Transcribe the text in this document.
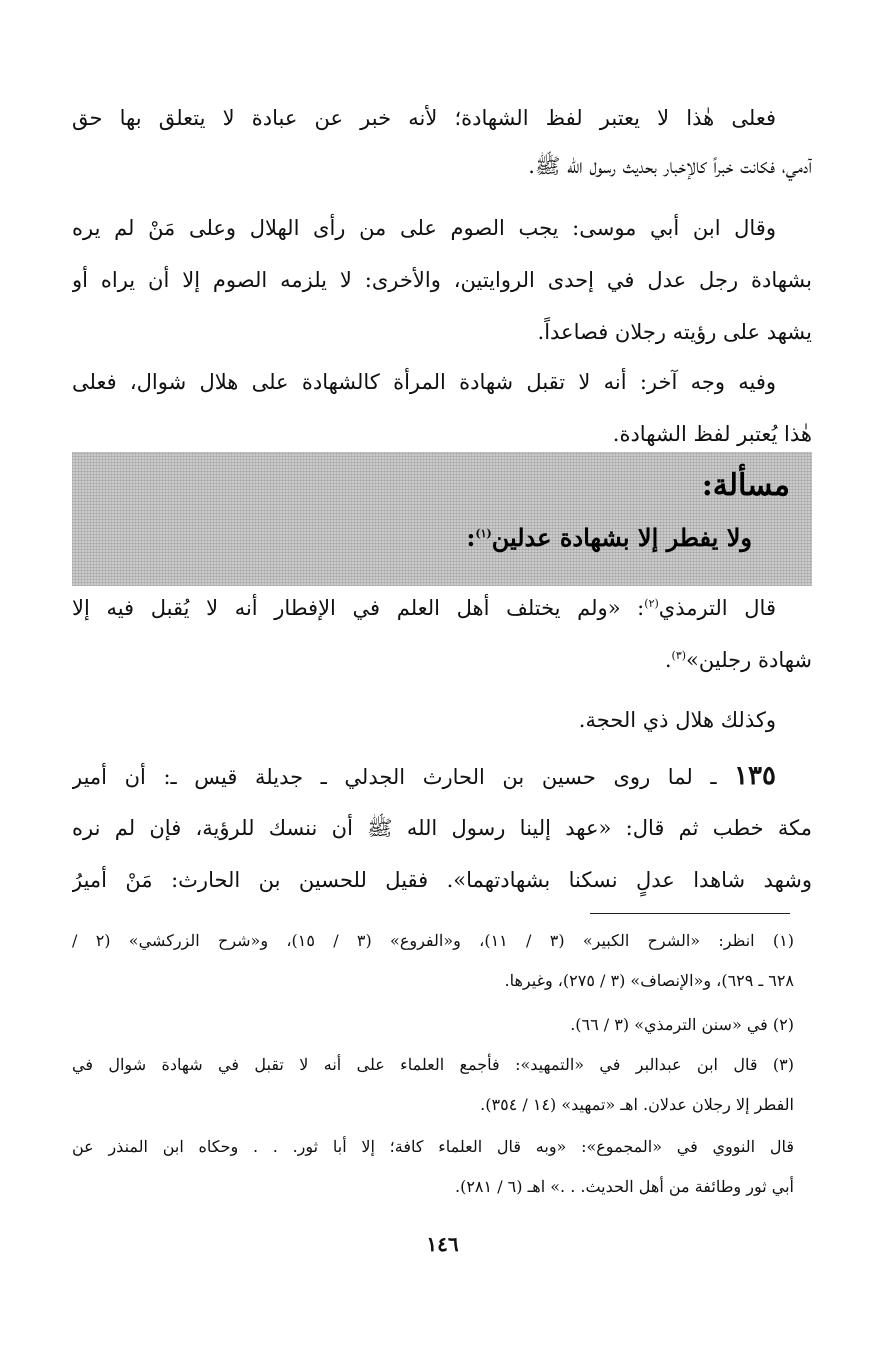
فعلى هٰذا لا يعتبر لفظ الشهادة؛ لأنه خبر عن عبادة لا يتعلق بها حق
آدمي، فكانت خبراً كالإخبار بحديث رسول الله ﷺ.
وقال ابن أبي موسى: يجب الصوم على من رأى الهلال وعلى مَنْ لم يره
بشهادة رجل عدل في إحدى الروايتين، والأخرى: لا يلزمه الصوم إلا أن يراه أو
يشهد على رؤيته رجلان فصاعداً.
وفيه وجه آخر: أنه لا تقبل شهادة المرأة كالشهادة على هلال شوال، فعلى
هٰذا يُعتبر لفظ الشهادة.
مسألة:
ولا يفطر إلا بشهادة عدلين$^{(١)}$:
قال الترمذي$^{(٢)}$: «ولم يختلف أهل العلم في الإفطار أنه لا يُقبل فيه إلا
شهادة رجلين»$^{(٣)}$.
وكذلك هلال ذي الحجة.
١٣٥ ـ لما روى حسين بن الحارث الجدلي ـ جديلة قيس ـ: أن أمير
مكة خطب ثم قال: «عهد إلينا رسول الله ﷺ أن ننسك للرؤية، فإن لم نره
وشهد شاهدا عدلٍ نسكنا بشهادتهما». فقيل للحسين بن الحارث: مَنْ أميرُ
(١) انظر: «الشرح الكبير» (٣ / ١١)، و«الفروع» (٣ / ١٥)، و«شرح الزركشي» (٢ /
٦٢٨ ـ ٦٢٩)، و«الإنصاف» (٣ / ٢٧٥)، وغيرها.
(٢) في «سنن الترمذي» (٣ / ٦٦).
(٣) قال ابن عبدالبر في «التمهيد»: فأجمع العلماء على أنه لا تقبل في شهادة شوال في
الفطر إلا رجلان عدلان. اهـ «تمهيد» (١٤ / ٣٥٤).
قال النووي في «المجموع»: «وبه قال العلماء كافة؛ إلا أبا ثور. . . وحكاه ابن المنذر عن
أبي ثور وطائفة من أهل الحديث. . .» اهـ (٦ / ٢٨١).
١٤٦
